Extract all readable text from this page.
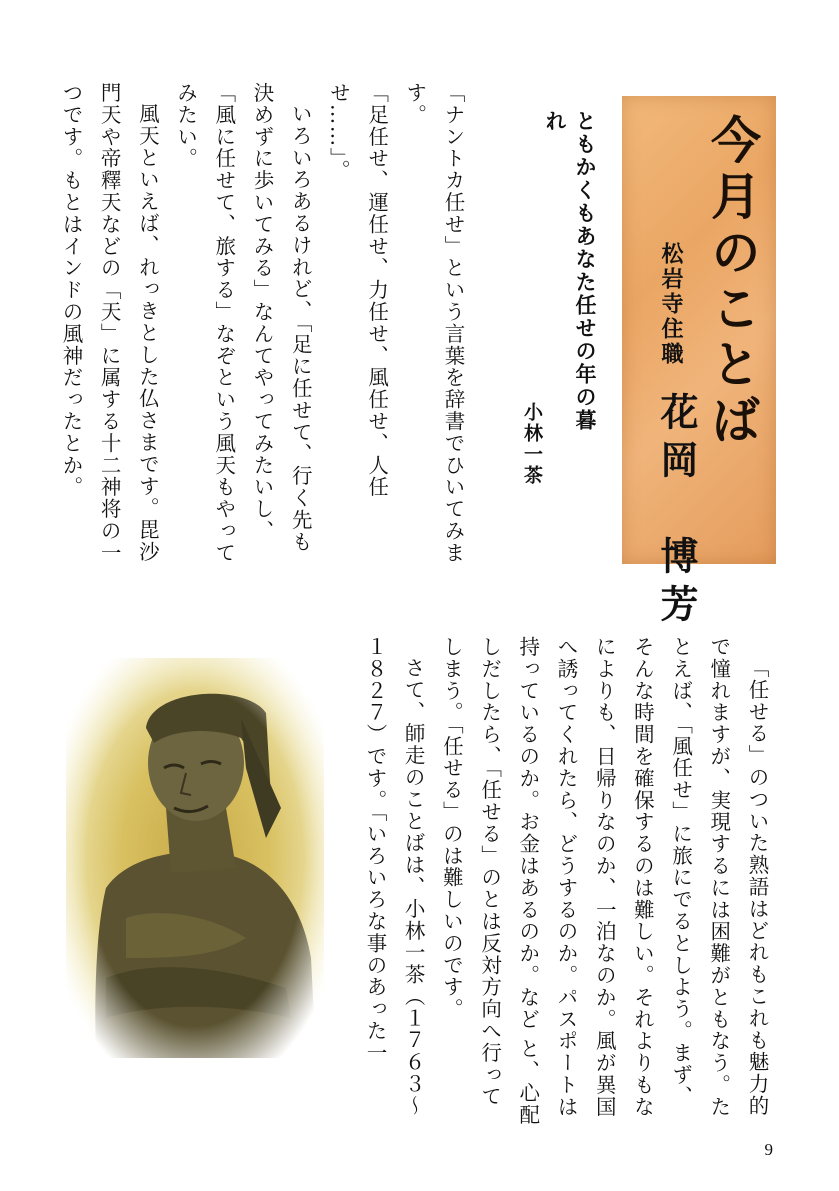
今月のことば
松岩寺住職
花岡　博芳
ともかくもあなた任せの年の暮れ
小林一茶

「ナントカ任せ」という言葉を辞書でひいてみます。

「足任せ、運任せ、力任せ、風任せ、人任せ……」。

いろいろあるけれど、「足に任せて、行く先も決めずに歩いてみる」なんてやってみたいし、「風に任せて、旅する」なぞという風天もやってみたい。

風天といえば、れっきとした仏さまです。毘沙門天や帝釋天などの「天」に属する十二神将の一つです。もとはインドの風神だったとか。

「任せる」のついた熟語はどれもこれも魅力的で憧れますが、実現するには困難がともなう。たとえば、「風任せ」に旅にでるとしよう。まず、そんな時間を確保するのは難しい。それよりもなによりも、日帰りなのか、一泊なのか。風が異国へ誘ってくれたら、どうするのか。パスポートは持っているのか。お金はあるのか。など と、心配しだしたら、「任せる」のとは反対方向へ行ってしまう。「任せる」のは難しいのです。

さて、師走のことばは、小林一茶（１７６３〜１８２７）です。「いろいろな事のあった一

9
